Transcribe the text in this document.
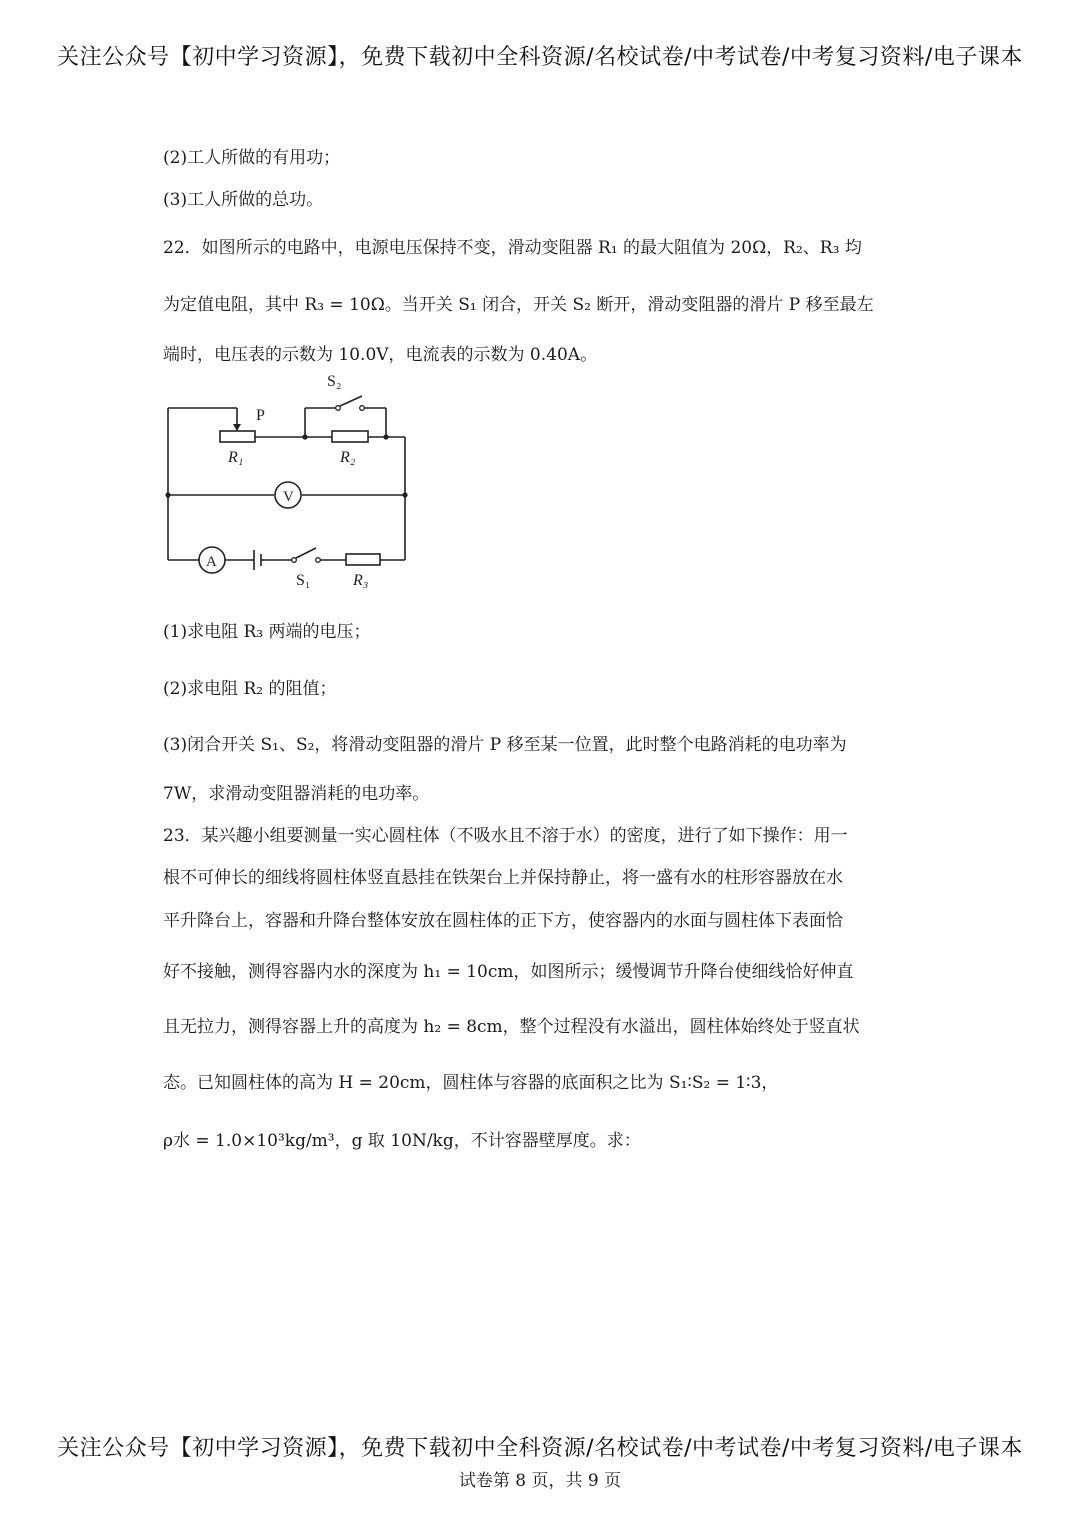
关注公众号【初中学习资源】，免费下载初中全科资源/名校试卷/中考试卷/中考复习资料/电子课本
(2)工人所做的有用功；
(3)工人所做的总功。
22．如图所示的电路中，电源电压保持不变，滑动变阻器 R₁ 的最大阻值为 20Ω，R₂、R₃ 均
为定值电阻，其中 R₃ = 10Ω。当开关 S₁ 闭合，开关 S₂ 断开，滑动变阻器的滑片 P 移至最左
端时，电压表的示数为 10.0V，电流表的示数为 0.40A。
S₂
P
R₁	R₂
V
A
S₁	R₃
(1)求电阻 R₃ 两端的电压；
(2)求电阻 R₂ 的阻值；
(3)闭合开关 S₁、S₂，将滑动变阻器的滑片 P 移至某一位置，此时整个电路消耗的电功率为
7W，求滑动变阻器消耗的电功率。
23．某兴趣小组要测量一实心圆柱体（不吸水且不溶于水）的密度，进行了如下操作：用一
根不可伸长的细线将圆柱体竖直悬挂在铁架台上并保持静止，将一盛有水的柱形容器放在水
平升降台上，容器和升降台整体安放在圆柱体的正下方，使容器内的水面与圆柱体下表面恰
好不接触，测得容器内水的深度为 h₁ = 10cm，如图所示；缓慢调节升降台使细线恰好伸直
且无拉力，测得容器上升的高度为 h₂ = 8cm，整个过程没有水溢出，圆柱体始终处于竖直状
态。已知圆柱体的高为 H = 20cm，圆柱体与容器的底面积之比为 S₁∶S₂ = 1∶3，
ρ水 = 1.0×10³kg/m³，g 取 10N/kg，不计容器壁厚度。求：
关注公众号【初中学习资源】，免费下载初中全科资源/名校试卷/中考试卷/中考复习资料/电子课本
试卷第 8 页，共 9 页
